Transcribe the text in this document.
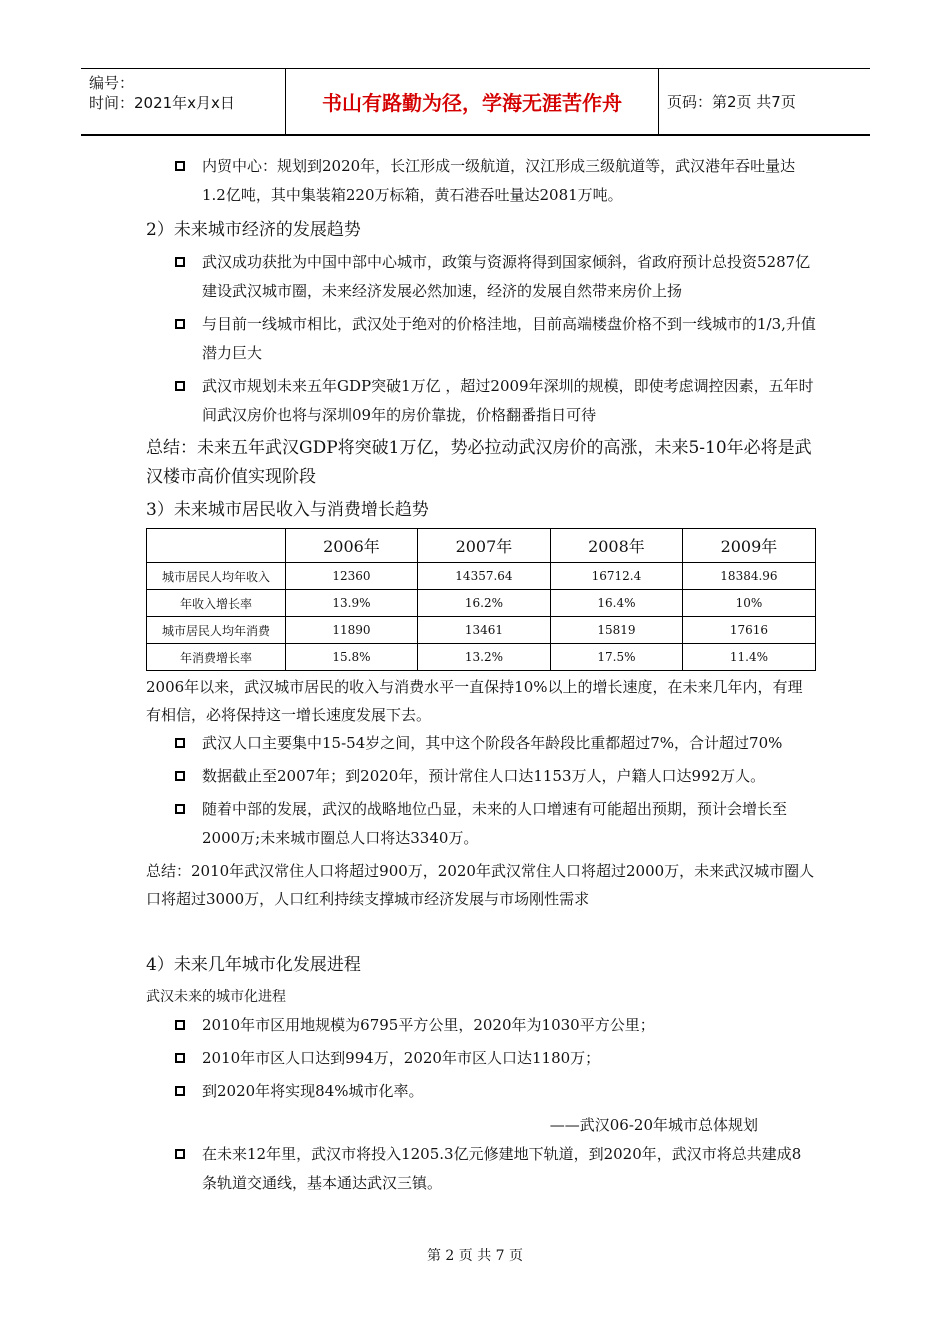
编号：
时间：2021年x月x日	书山有路勤为径，学海无涯苦作舟	页码：第2页 共7页
内贸中心：规划到2020年，长江形成一级航道，汉江形成三级航道等，武汉港年吞吐量达1.2亿吨，其中集装箱220万标箱，黄石港吞吐量达2081万吨。
2）未来城市经济的发展趋势
武汉成功获批为中国中部中心城市，政策与资源将得到国家倾斜，省政府预计总投资5287亿建设武汉城市圈，未来经济发展必然加速，经济的发展自然带来房价上扬
与目前一线城市相比，武汉处于绝对的价格洼地，目前高端楼盘价格不到一线城市的1/3,升值潜力巨大
武汉市规划未来五年GDP突破1万亿 ，超过2009年深圳的规模，即使考虑调控因素，五年时间武汉房价也将与深圳09年的房价靠拢，价格翻番指日可待
总结：未来五年武汉GDP将突破1万亿，势必拉动武汉房价的高涨，未来5-10年必将是武汉楼市高价值实现阶段
3）未来城市居民收入与消费增长趋势
	2006年	2007年	2008年	2009年
城市居民人均年收入	12360	14357.64	16712.4	18384.96
年收入增长率	13.9%	16.2%	16.4%	10%
城市居民人均年消费	11890	13461	15819	17616
年消费增长率	15.8%	13.2%	17.5%	11.4%
2006年以来，武汉城市居民的收入与消费水平一直保持10%以上的增长速度，在未来几年内，有理有相信，必将保持这一增长速度发展下去。
武汉人口主要集中15-54岁之间，其中这个阶段各年龄段比重都超过7%，合计超过70%
数据截止至2007年；到2020年，预计常住人口达1153万人，户籍人口达992万人。
随着中部的发展，武汉的战略地位凸显，未来的人口增速有可能超出预期，预计会增长至2000万;未来城市圈总人口将达3340万。
总结：2010年武汉常住人口将超过900万，2020年武汉常住人口将超过2000万，未来武汉城市圈人口将超过3000万，人口红利持续支撑城市经济发展与市场刚性需求
4）未来几年城市化发展进程
武汉未来的城市化进程
2010年市区用地规模为6795平方公里，2020年为1030平方公里；
2010年市区人口达到994万，2020年市区人口达1180万；
到2020年将实现84%城市化率。
——武汉06-20年城市总体规划
在未来12年里，武汉市将投入1205.3亿元修建地下轨道，到2020年，武汉市将总共建成8条轨道交通线，基本通达武汉三镇。
第 2 页 共 7 页
